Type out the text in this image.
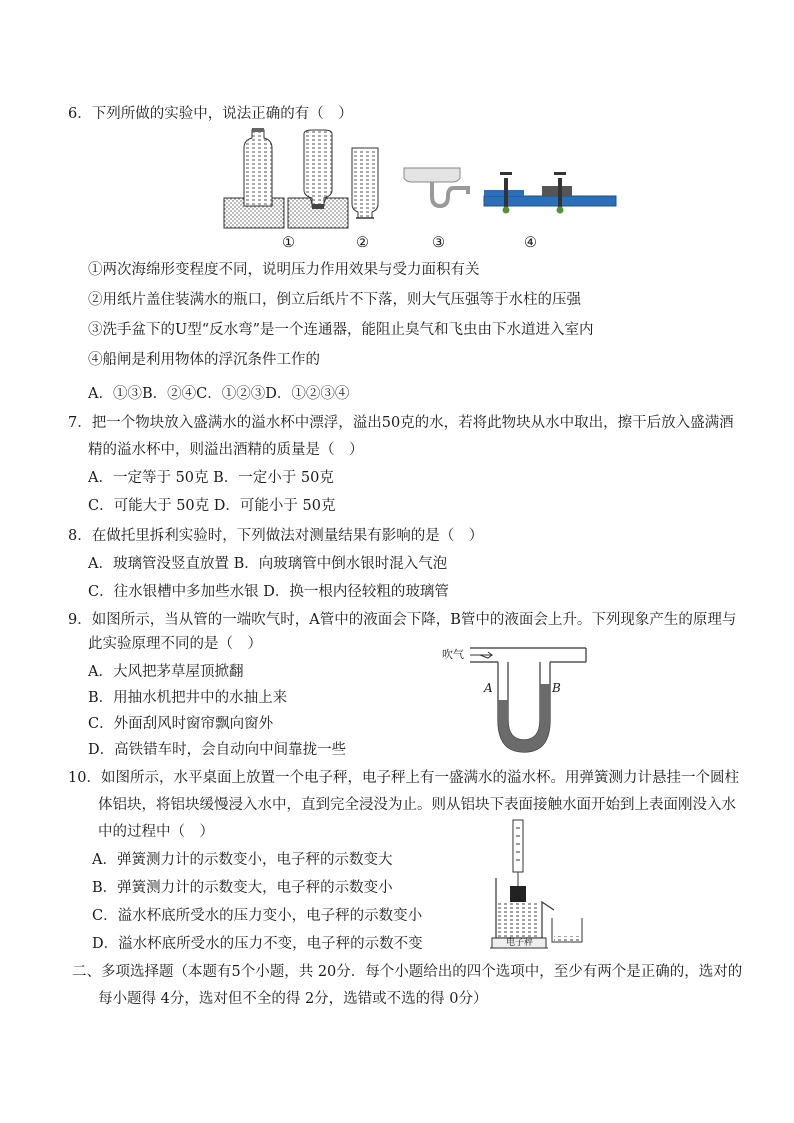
6．下列所做的实验中，说法正确的有（　）
①	②	③	④
①两次海绵形变程度不同，说明压力作用效果与受力面积有关
②用纸片盖住装满水的瓶口，倒立后纸片不下落，则大气压强等于水柱的压强
③洗手盆下的U型“反水弯”是一个连通器，能阻止臭气和飞虫由下水道进入室内
④船闸是利用物体的浮沉条件工作的
A．①③B．②④C．①②③D．①②③④
7．把一个物块放入盛满水的溢水杯中漂浮，溢出50克的水，若将此物块从水中取出，擦干后放入盛满酒
精的溢水杯中，则溢出酒精的质量是（　）
A．一定等于 50克 B．一定小于 50克
C．可能大于 50克 D．可能小于 50克
8．在做托里拆利实验时，下列做法对测量结果有影响的是（　）
A．玻璃管没竖直放置 B．向玻璃管中倒水银时混入气泡
C．往水银槽中多加些水银 D．换一根内径较粗的玻璃管
9．如图所示，当从管的一端吹气时，A管中的液面会下降，B管中的液面会上升。下列现象产生的原理与
此实验原理不同的是（　）
A．大风把茅草屋顶掀翻
B．用抽水机把井中的水抽上来
C．外面刮风时窗帘飘向窗外
D．高铁错车时，会自动向中间靠拢一些
吹气
A	B
10．如图所示，水平桌面上放置一个电子秤，电子秤上有一盛满水的溢水杯。用弹簧测力计悬挂一个圆柱
体铝块，将铝块缓慢浸入水中，直到完全浸没为止。则从铝块下表面接触水面开始到上表面刚没入水
中的过程中（　）
A．弹簧测力计的示数变小，电子秤的示数变大
B．弹簧测力计的示数变大，电子秤的示数变小
C．溢水杯底所受水的压力变小，电子秤的示数变小
D．溢水杯底所受水的压力不变，电子秤的示数不变	电子秤
二、多项选择题（本题有5个小题，共 20分．每个小题给出的四个选项中，至少有两个是正确的，选对的
每小题得 4分，选对但不全的得 2分，选错或不选的得 0分）
